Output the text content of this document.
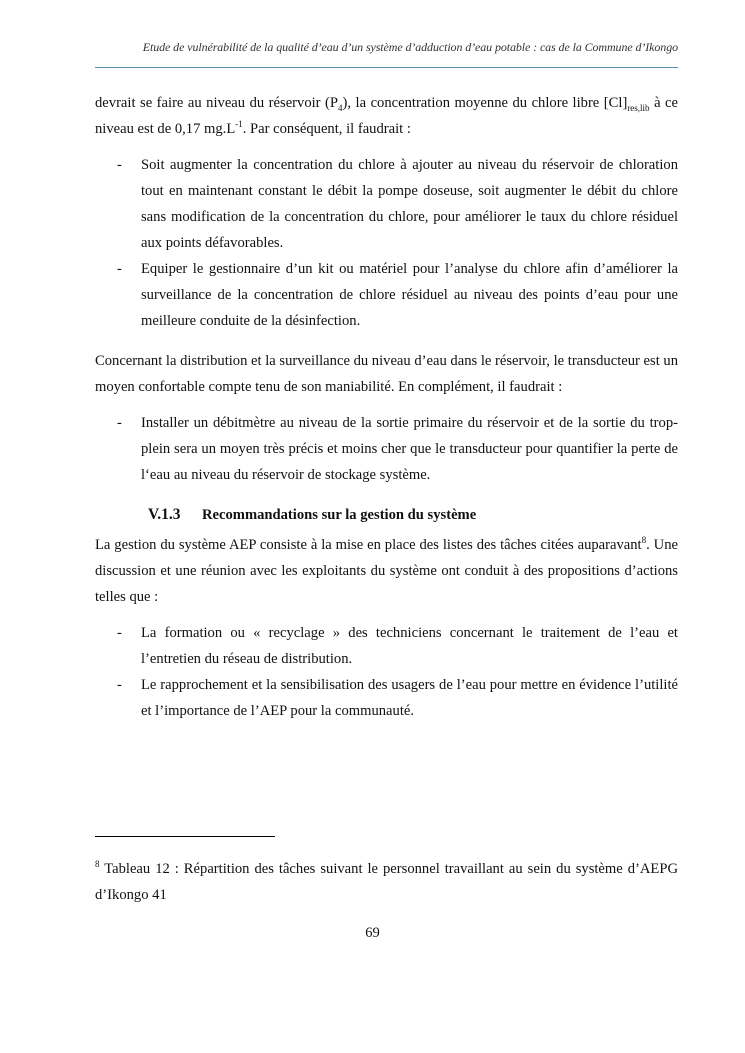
Etude de vulnérabilité de la qualité d’eau d’un système d’adduction d’eau potable : cas de la Commune d’Ikongo

devrait se faire au niveau du réservoir $(P_4)$, la concentration moyenne du chlore libre $[Cl]_{res,lib}$ à ce niveau est de 0,17 $mg.L^{-1}$. Par conséquent, il faudrait :

- Soit augmenter la concentration du chlore à ajouter au niveau du réservoir de chloration tout en maintenant constant le débit la pompe doseuse, soit augmenter le débit du chlore sans modification de la concentration du chlore, pour améliorer le taux du chlore résiduel aux points défavorables.
- Equiper le gestionnaire d’un kit ou matériel pour l’analyse du chlore afin d’améliorer la surveillance de la concentration de chlore résiduel au niveau des points d’eau pour une meilleure conduite de la désinfection.

Concernant la distribution et la surveillance du niveau d’eau dans le réservoir, le transducteur est un moyen confortable compte tenu de son maniabilité. En complément, il faudrait :

- Installer un débitmètre au niveau de la sortie primaire du réservoir et de la sortie du trop-plein sera un moyen très précis et moins cher que le transducteur pour quantifier la perte de l‘eau au niveau du réservoir de stockage système.
V.1.3 Recommandations sur la gestion du système

La gestion du système AEP consiste à la mise en place des listes des tâches citées auparavant$^8$. Une discussion et une réunion avec les exploitants du système ont conduit à des propositions d’actions telles que :

- La formation ou « recyclage » des techniciens concernant le traitement de l’eau et l’entretien du réseau de distribution.
- Le rapprochement et la sensibilisation des usagers de l’eau pour mettre en évidence l’utilité et l’importance de l’AEP pour la communauté.
$^8$ Tableau 12 : Répartition des tâches suivant le personnel travaillant au sein du système d’AEPG d’Ikongo 41
69
